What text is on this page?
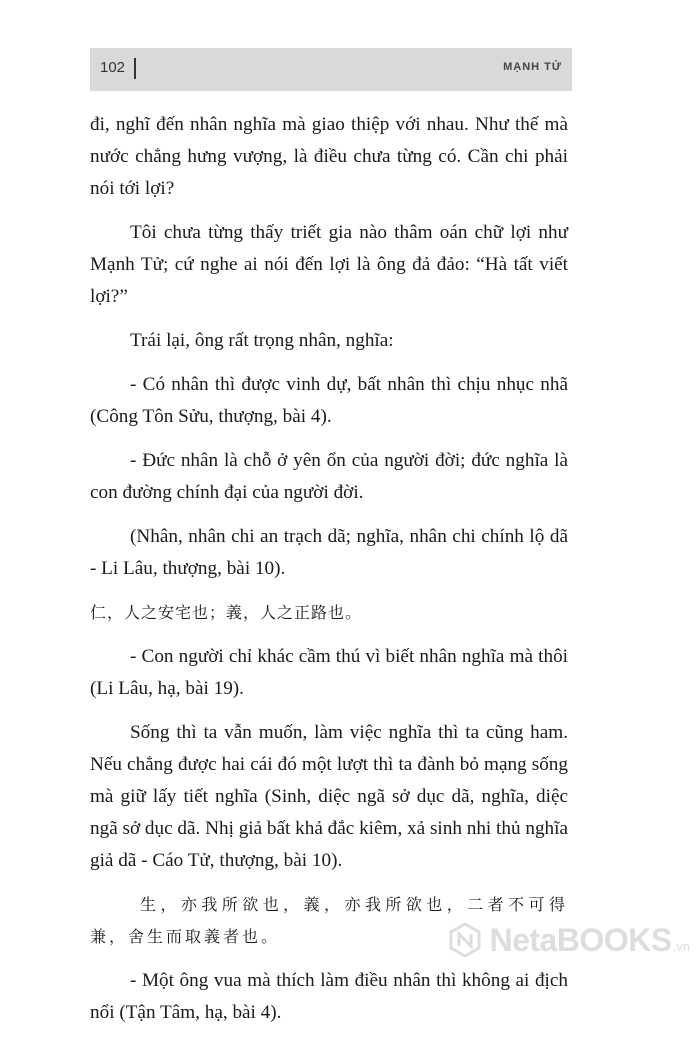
102	MẠNH TỬ

đi, nghĩ đến nhân nghĩa mà giao thiệp với nhau. Như thế mà nước chẳng hưng vượng, là điều chưa từng có. Cần chi phải nói tới lợi?

Tôi chưa từng thấy triết gia nào thâm oán chữ lợi như Mạnh Tử; cứ nghe ai nói đến lợi là ông đả đảo: “Hà tất viết lợi?”

Trái lại, ông rất trọng nhân, nghĩa:

- Có nhân thì được vinh dự, bất nhân thì chịu nhục nhã (Công Tôn Sửu, thượng, bài 4).

- Đức nhân là chỗ ở yên ổn của người đời; đức nghĩa là con đường chính đại của người đời.

(Nhân, nhân chi an trạch dã; nghĩa, nhân chi chính lộ dã - Li Lâu, thượng, bài 10).

仁，人之安宅也；義，人之正路也。

- Con người chỉ khác cầm thú vì biết nhân nghĩa mà thôi (Li Lâu, hạ, bài 19).

Sống thì ta vẫn muốn, làm việc nghĩa thì ta cũng ham. Nếu chẳng được hai cái đó một lượt thì ta đành bỏ mạng sống mà giữ lấy tiết nghĩa (Sinh, diệc ngã sở dục dã, nghĩa, diệc ngã sở dục dã. Nhị giả bất khả đắc kiêm, xả sinh nhi thủ nghĩa giả dã - Cáo Tử, thượng, bài 10).

生，亦我所欲也，義，亦我所欲也，二者不可得兼，舍生而取義者也。

- Một ông vua mà thích làm điều nhân thì không ai địch nổi (Tận Tâm, hạ, bài 4).

NetaBOOKS .vn
